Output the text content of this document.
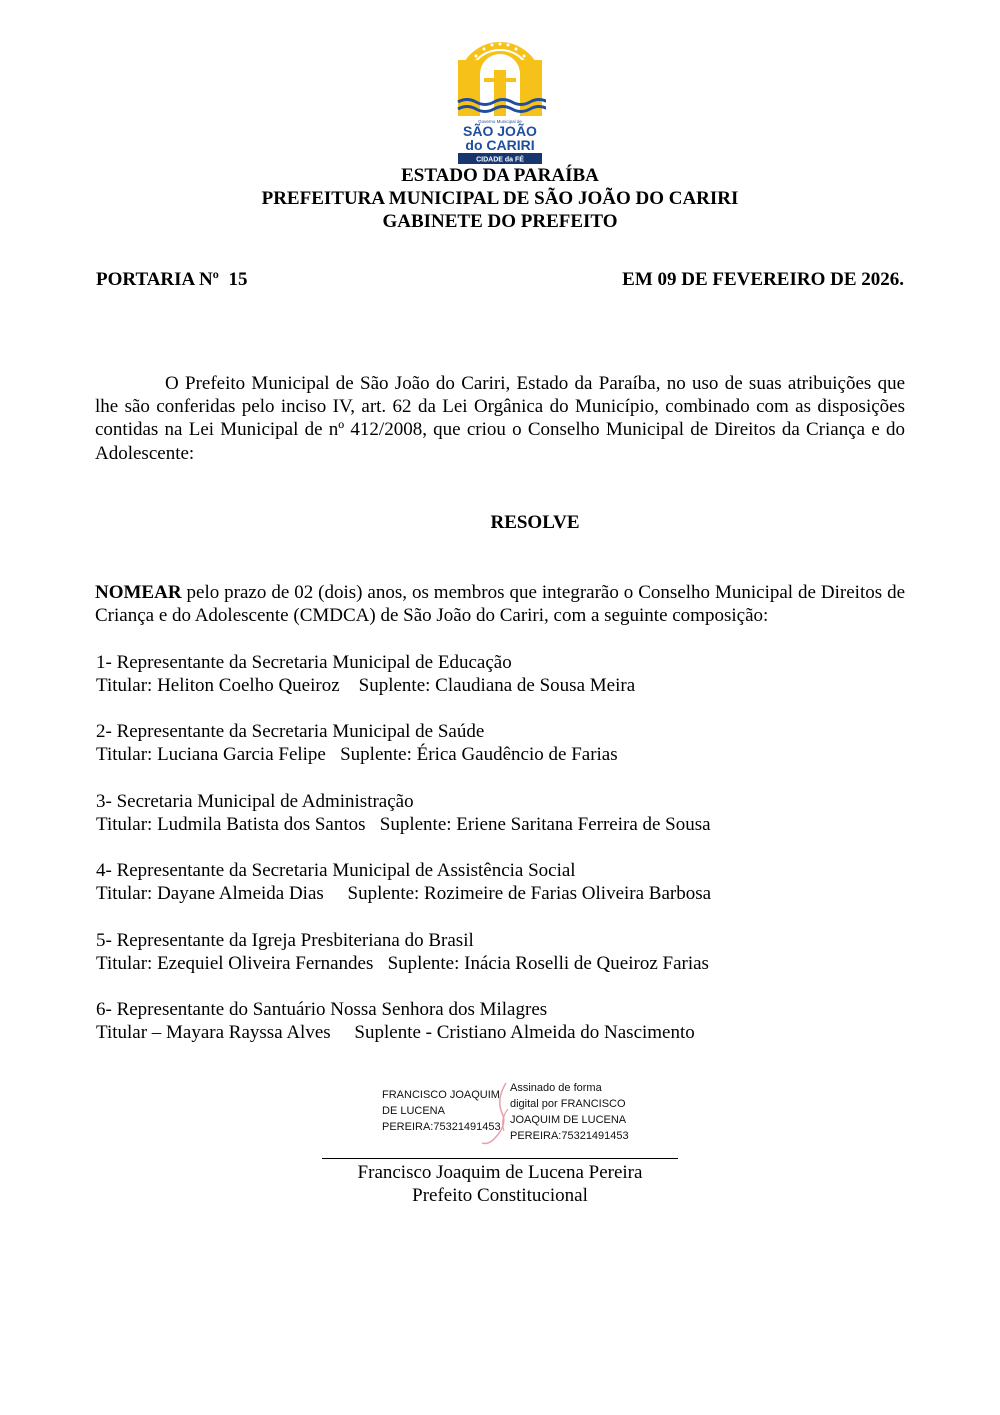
Governo Municipal de
SÃO JOÃO
do CARIRI
CIDADE da FÉ
ESTADO DA PARAÍBA
PREFEITURA MUNICIPAL DE SÃO JOÃO DO CARIRI
GABINETE DO PREFEITO
PORTARIA Nº  15	EM 09 DE FEVEREIRO DE 2026.
O Prefeito Municipal de São João do Cariri, Estado da Paraíba, no uso de suas atribuições que lhe são conferidas pelo inciso IV, art. 62 da Lei Orgânica do Município, combinado com as disposições contidas na Lei Municipal de nº 412/2008, que criou o Conselho Municipal de Direitos da Criança e do Adolescente:
RESOLVE
NOMEAR pelo prazo de 02 (dois) anos, os membros que integrarão o Conselho Municipal de Direitos de Criança e do Adolescente (CMDCA) de São João do Cariri, com a seguinte composição:
1- Representante da Secretaria Municipal de Educação
Titular: Heliton Coelho Queiroz    Suplente: Claudiana de Sousa Meira
2- Representante da Secretaria Municipal de Saúde
Titular: Luciana Garcia Felipe   Suplente: Érica Gaudêncio de Farias
3- Secretaria Municipal de Administração
Titular: Ludmila Batista dos Santos   Suplente: Eriene Saritana Ferreira de Sousa
4- Representante da Secretaria Municipal de Assistência Social
Titular: Dayane Almeida Dias     Suplente: Rozimeire de Farias Oliveira Barbosa
5- Representante da Igreja Presbiteriana do Brasil
Titular: Ezequiel Oliveira Fernandes   Suplente: Inácia Roselli de Queiroz Farias
6- Representante do Santuário Nossa Senhora dos Milagres
Titular – Mayara Rayssa Alves     Suplente - Cristiano Almeida do Nascimento
FRANCISCO JOAQUIM
DE LUCENA
PEREIRA:75321491453
Assinado de forma
digital por FRANCISCO
JOAQUIM DE LUCENA
PEREIRA:75321491453
Francisco Joaquim de Lucena Pereira
Prefeito Constitucional
